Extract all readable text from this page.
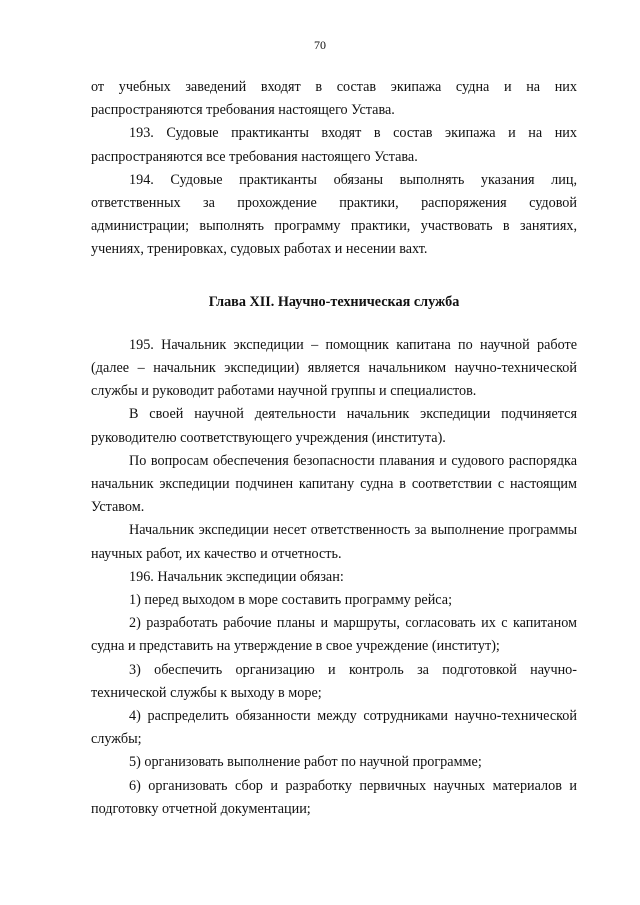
70

от учебных заведений входят в состав экипажа судна и на них распространяются требования настоящего Устава.

193. Судовые практиканты входят в состав экипажа и на них распространяются все требования настоящего Устава.

194. Судовые практиканты обязаны выполнять указания лиц, ответственных за прохождение практики, распоряжения судовой администрации; выполнять программу практики, участвовать в занятиях, учениях, тренировках, судовых работах и несении вахт.

Глава XII. Научно-техническая служба

195. Начальник экспедиции – помощник капитана по научной работе (далее – начальник экспедиции) является начальником научно-технической службы и руководит работами научной группы и специалистов.

В своей научной деятельности начальник экспедиции подчиняется руководителю соответствующего учреждения (института).

По вопросам обеспечения безопасности плавания и судового распорядка начальник экспедиции подчинен капитану судна в соответствии с настоящим Уставом.

Начальник экспедиции несет ответственность за выполнение программы научных работ, их качество и отчетность.

196. Начальник экспедиции обязан:

1) перед выходом в море составить программу рейса;

2) разработать рабочие планы и маршруты, согласовать их с капитаном судна и представить на утверждение в свое учреждение (институт);

3) обеспечить организацию и контроль за подготовкой научно-технической службы к выходу в море;

4) распределить обязанности между сотрудниками научно-технической службы;

5) организовать выполнение работ по научной программе;

6) организовать сбор и разработку первичных научных материалов и подготовку отчетной документации;
